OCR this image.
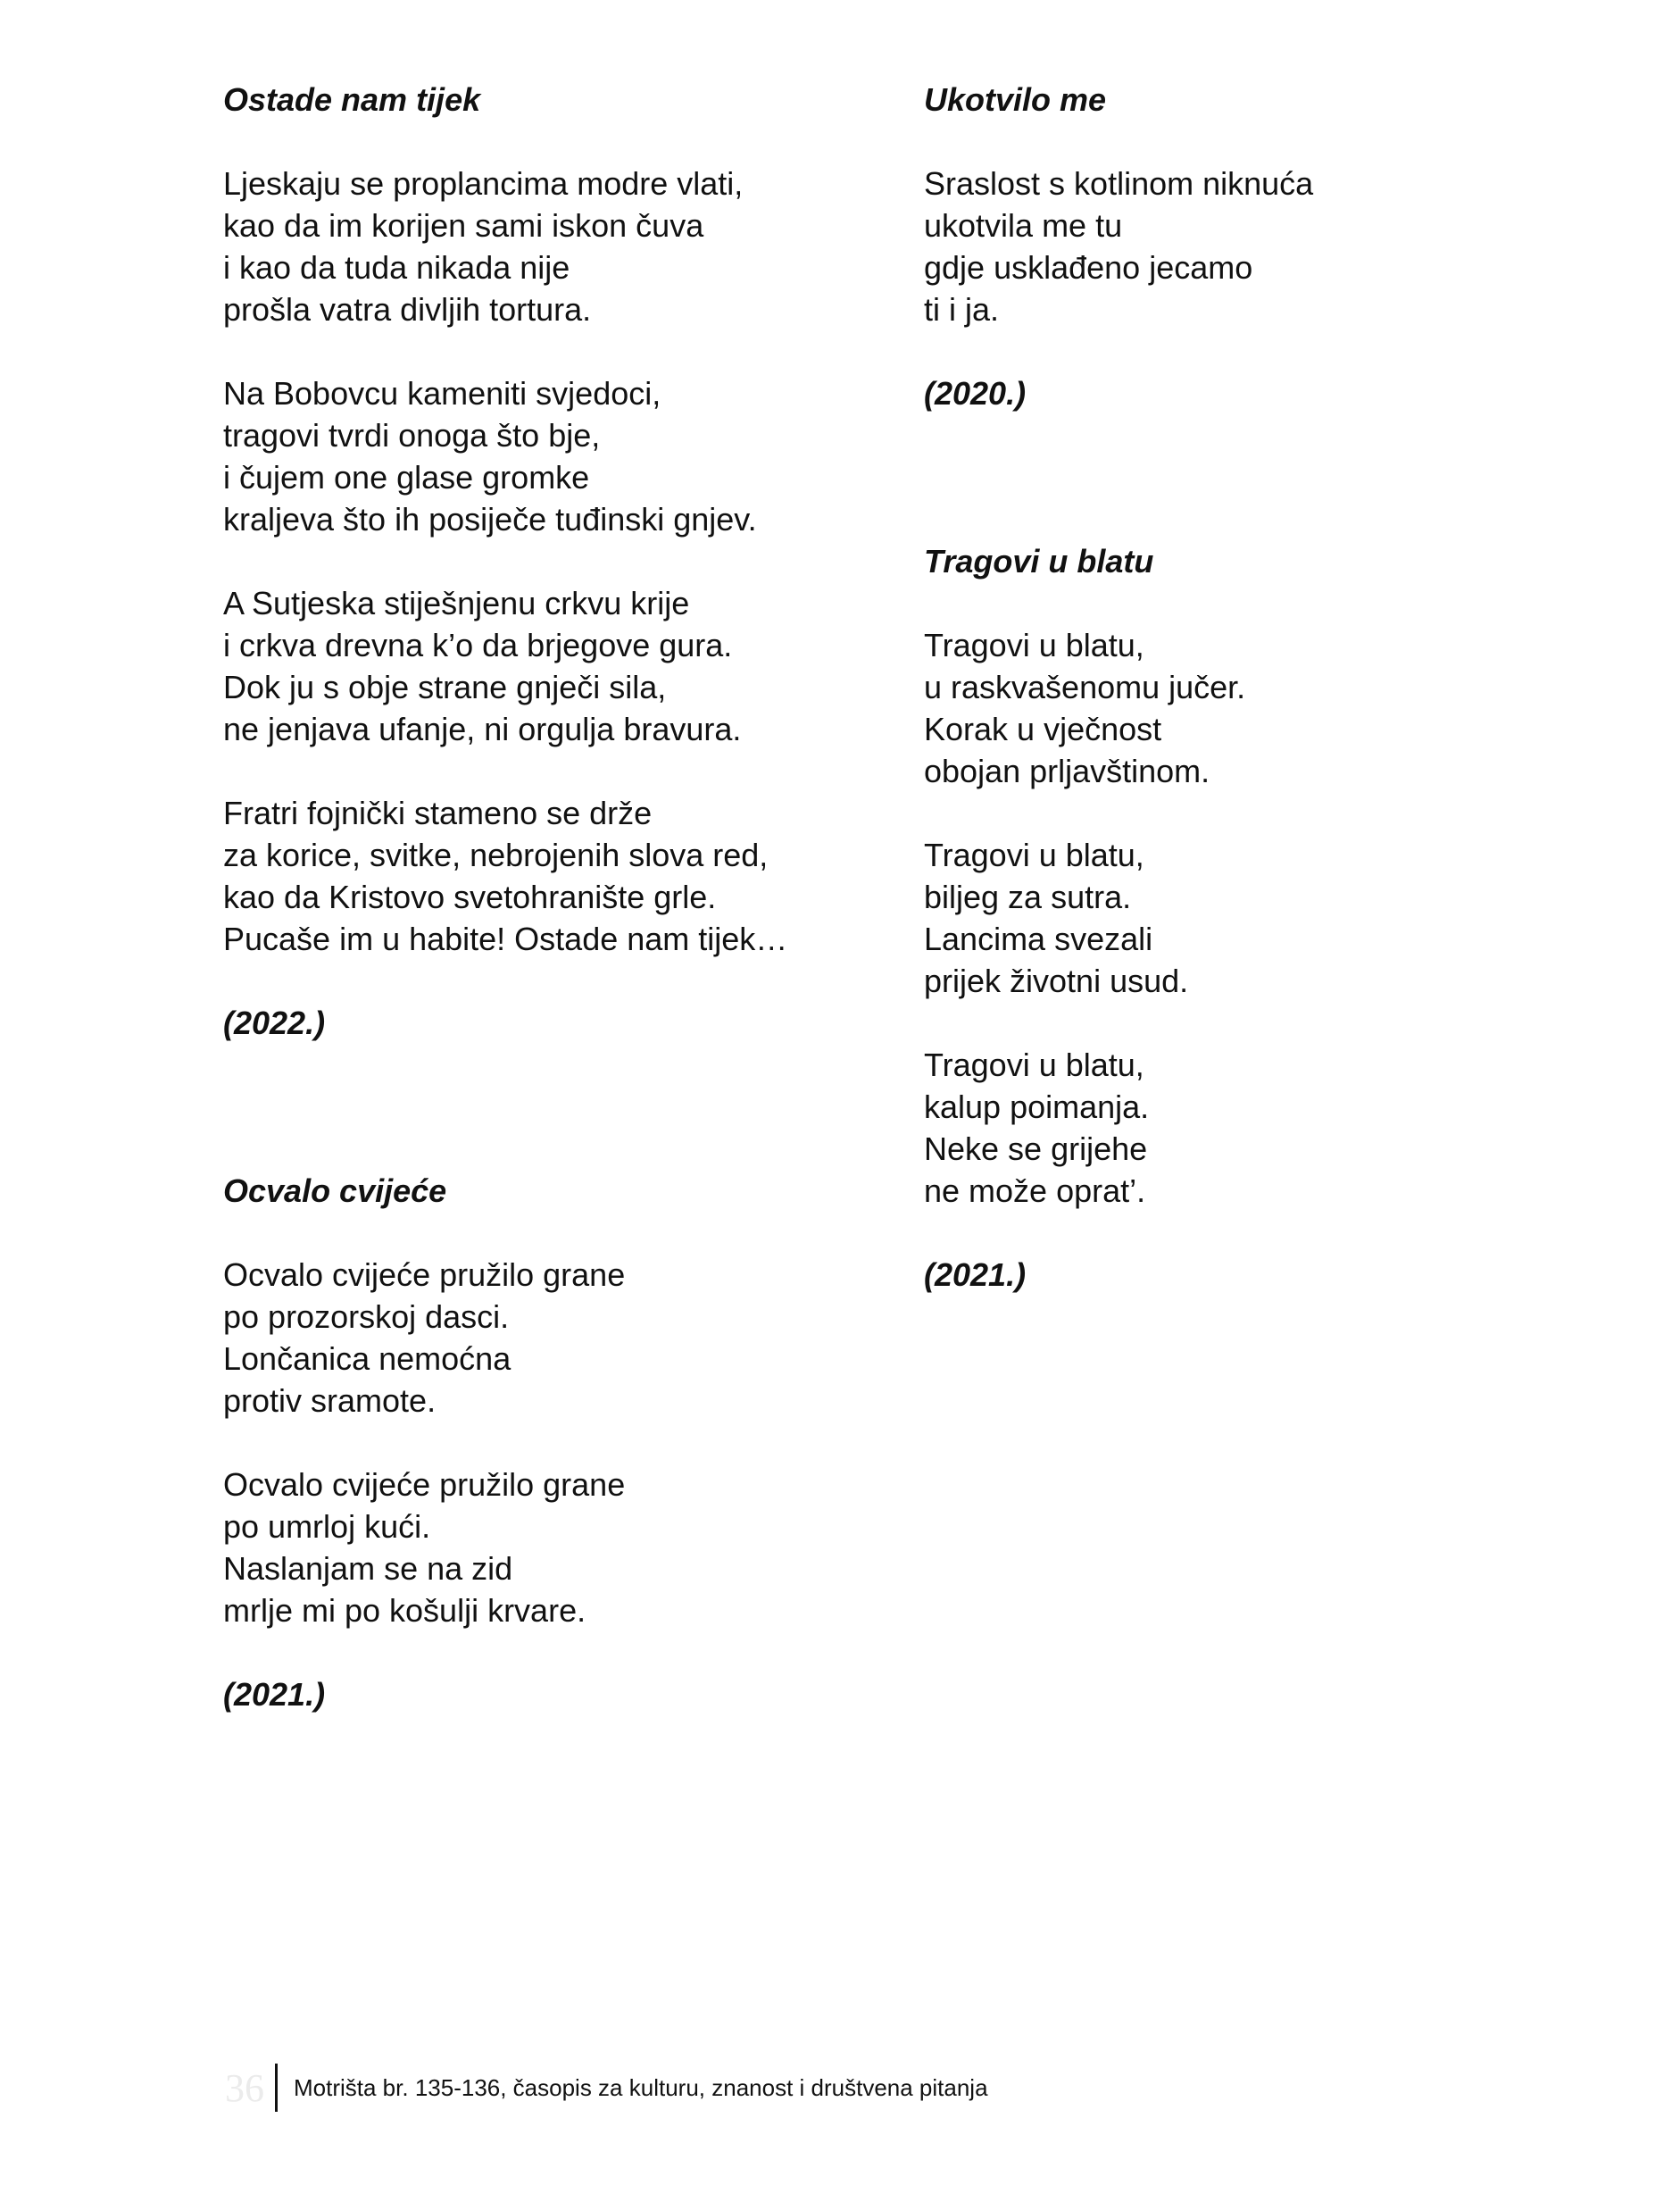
Ostade nam tijek
Ljeskaju se proplancima modre vlati,
kao da im korijen sami iskon čuva
i kao da tuda nikada nije
prošla vatra divljih tortura.
Na Bobovcu kameniti svjedoci,
tragovi tvrdi onoga što bje,
i čujem one glase gromke
kraljeva što ih posiječe tuđinski gnjev.
A Sutjeska stiješnjenu crkvu krije
i crkva drevna k’o da brjegove gura.
Dok ju s obje strane gnječi sila,
ne jenjava ufanje, ni orgulja bravura.
Fratri fojnički stameno se drže
za korice, svitke, nebrojenih slova red,
kao da Kristovo svetohranište grle.
Pucaše im u habite! Ostade nam tijek…
(2022.)
Ocvalo cvijeće
Ocvalo cvijeće pružilo grane
po prozorskoj dasci.
Lončanica nemoćna
protiv sramote.
Ocvalo cvijeće pružilo grane
po umrloj kući.
Naslanjam se na zid
mrlje mi po košulji krvare.
(2021.)
Ukotvilo me
Sraslost s kotlinom niknuća
ukotvila me tu
gdje usklađeno jecamo
ti i ja.
(2020.)
Tragovi u blatu
Tragovi u blatu,
u raskvašenomu jučer.
Korak u vječnost
obojan prljavštinom.
Tragovi u blatu,
biljeg za sutra.
Lancima svezali
prijek životni usud.
Tragovi u blatu,
kalup poimanja.
Neke se grijehe
ne može oprat’.
(2021.)
36	Motrišta br. 135-136, časopis za kulturu, znanost i društvena pitanja
